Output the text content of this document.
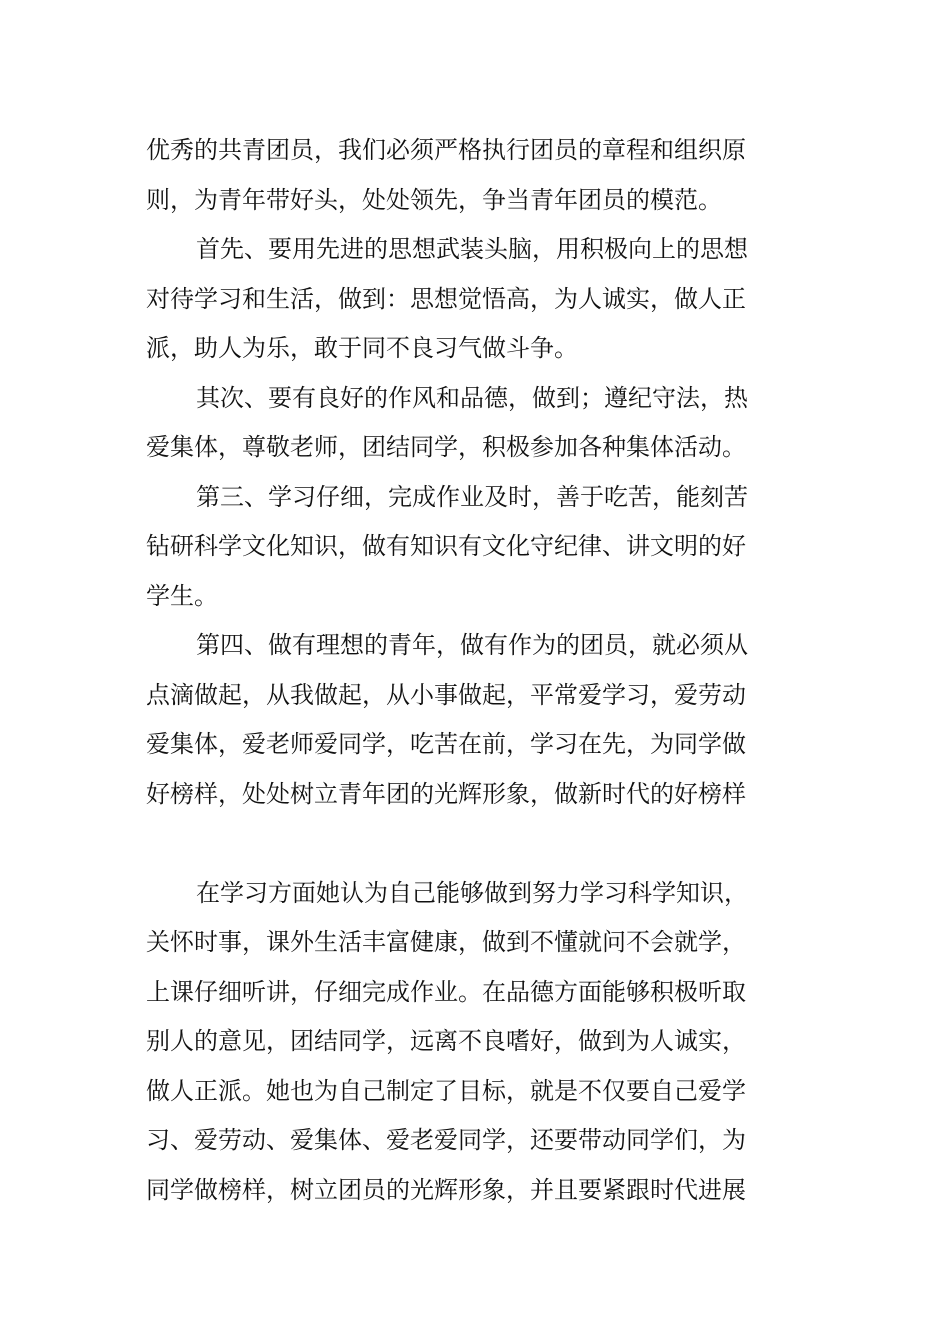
优秀的共青团员，我们必须严格执行团员的章程和组织原
则，为青年带好头，处处领先，争当青年团员的模范。
首先、要用先进的思想武装头脑，用积极向上的思想
对待学习和生活，做到：思想觉悟高，为人诚实，做人正
派，助人为乐，敢于同不良习气做斗争。
其次、要有良好的作风和品德，做到；遵纪守法，热
爱集体，尊敬老师，团结同学，积极参加各种集体活动。
第三、学习仔细，完成作业及时，善于吃苦，能刻苦
钻研科学文化知识，做有知识有文化守纪律、讲文明的好
学生。
第四、做有理想的青年，做有作为的团员，就必须从
点滴做起，从我做起，从小事做起，平常爱学习，爱劳动
爱集体，爱老师爱同学，吃苦在前，学习在先，为同学做
好榜样，处处树立青年团的光辉形象，做新时代的好榜样
在学习方面她认为自己能够做到努力学习科学知识，
关怀时事，课外生活丰富健康，做到不懂就问不会就学，
上课仔细听讲，仔细完成作业。在品德方面能够积极听取
别人的意见，团结同学，远离不良嗜好，做到为人诚实，
做人正派。她也为自己制定了目标，就是不仅要自己爱学
习、爱劳动、爱集体、爱老爱同学，还要带动同学们，为
同学做榜样，树立团员的光辉形象，并且要紧跟时代进展
